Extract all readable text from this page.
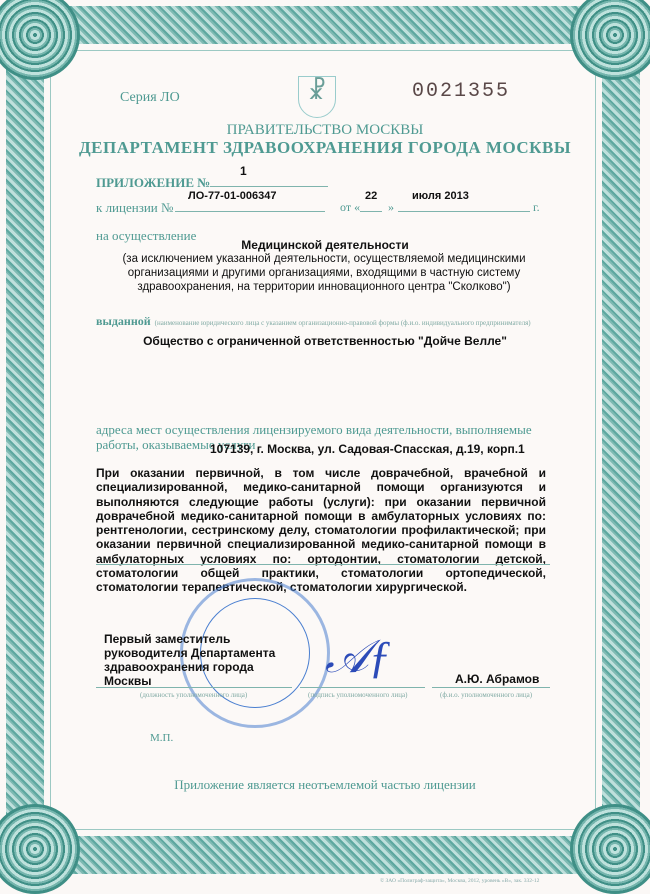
Серия ЛО	☧	0021355
ПРАВИТЕЛЬСТВО МОСКВЫ
ДЕПАРТАМЕНТ ЗДРАВООХРАНЕНИЯ ГОРОДА МОСКВЫ
ПРИЛОЖЕНИЕ №
1
к лицензии №
ЛО-77-01-006347
от «
22
»
июля 2013
г.
на осуществление
Медицинской деятельности
(за исключением указанной деятельности, осуществляемой медицинскими организациями и другими организациями, входящими в частную систему здравоохранения, на территории инновационного центра "Сколково")
выданной (наименование юридического лица с указанием организационно-правовой формы (ф.и.о. индивидуального предпринимателя)
Общество с ограниченной ответственностью "Дойче Велле"
адреса мест осуществления лицензируемого вида деятельности, выполняемые работы, оказываемые услуги
107139, г. Москва, ул. Садовая-Спасская, д.19, корп.1
При оказании первичной, в том числе доврачебной, врачебной и специализированной, медико-санитарной помощи организуются и выполняются следующие работы (услуги): при оказании первичной доврачебной медико-санитарной помощи в амбулаторных условиях по: рентгенологии, сестринскому делу, стоматологии профилактической; при оказании первичной специализированной медико-санитарной помощи в амбулаторных условиях по: ортодонтии, стоматологии детской, стоматологии общей практики, стоматологии ортопедической, стоматологии терапевтической, стоматологии хирургической.
Первый заместитель руководителя Департамента здравоохранения города Москвы	𝒜ƒ	А.Ю. Абрамов
(должность уполномоченного лица)	(подпись уполномоченного лица)	(ф.и.о. уполномоченного лица)
М.П.
Приложение является неотъемлемой частью лицензии
© ЗАО «Полиграф-защита», Москва, 2012, уровень «В», зак. 332-12
